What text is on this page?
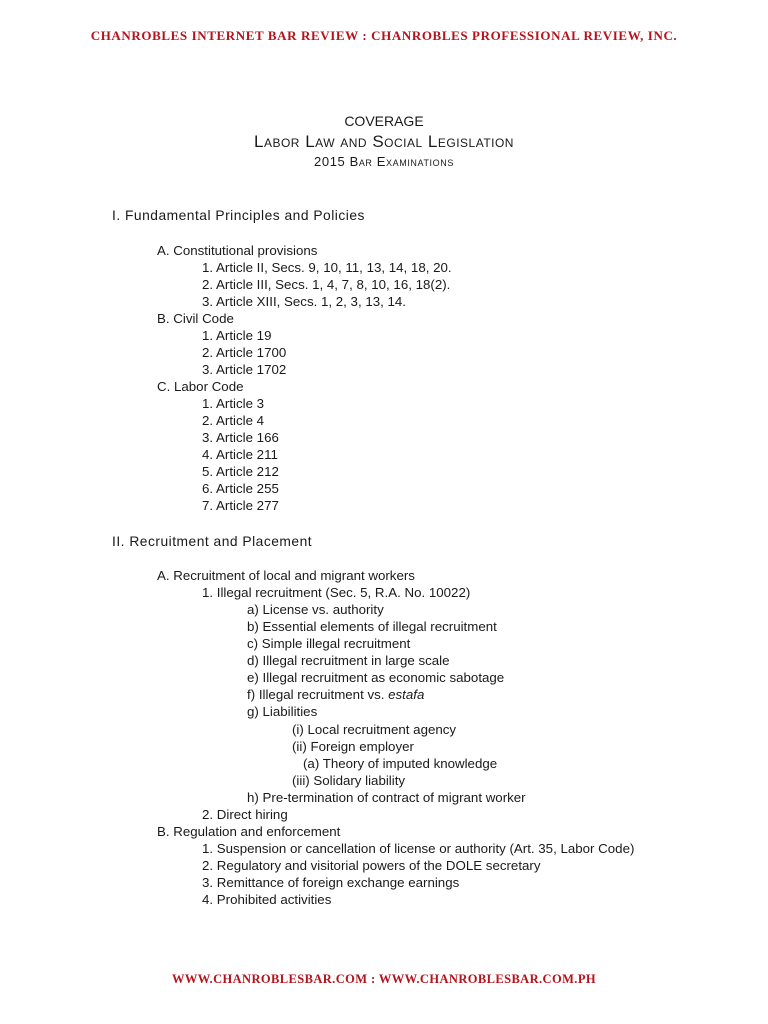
CHANROBLES INTERNET BAR REVIEW : CHANROBLES PROFESSIONAL REVIEW, INC.
COVERAGE
Labor Law and Social Legislation
2015 Bar Examinations
I. Fundamental Principles and Policies
A. Constitutional provisions
1. Article II, Secs. 9, 10, 11, 13, 14, 18, 20.
2. Article III, Secs. 1, 4, 7, 8, 10, 16, 18(2).
3. Article XIII, Secs. 1, 2, 3, 13, 14.
B. Civil Code
1. Article 19
2. Article 1700
3. Article 1702
C. Labor Code
1. Article 3
2. Article 4
3. Article 166
4. Article 211
5. Article 212
6. Article 255
7. Article 277
II. Recruitment and Placement
A. Recruitment of local and migrant workers
1. Illegal recruitment (Sec. 5, R.A. No. 10022)
a) License vs. authority
b) Essential elements of illegal recruitment
c) Simple illegal recruitment
d) Illegal recruitment in large scale
e) Illegal recruitment as economic sabotage
f) Illegal recruitment vs. estafa
g) Liabilities
(i) Local recruitment agency
(ii) Foreign employer
(a) Theory of imputed knowledge
(iii) Solidary liability
h) Pre-termination of contract of migrant worker
2. Direct hiring
B. Regulation and enforcement
1. Suspension or cancellation of license or authority (Art. 35, Labor Code)
2. Regulatory and visitorial powers of the DOLE secretary
3. Remittance of foreign exchange earnings
4. Prohibited activities
WWW.CHANROBLESBAR.COM : WWW.CHANROBLESBAR.COM.PH
